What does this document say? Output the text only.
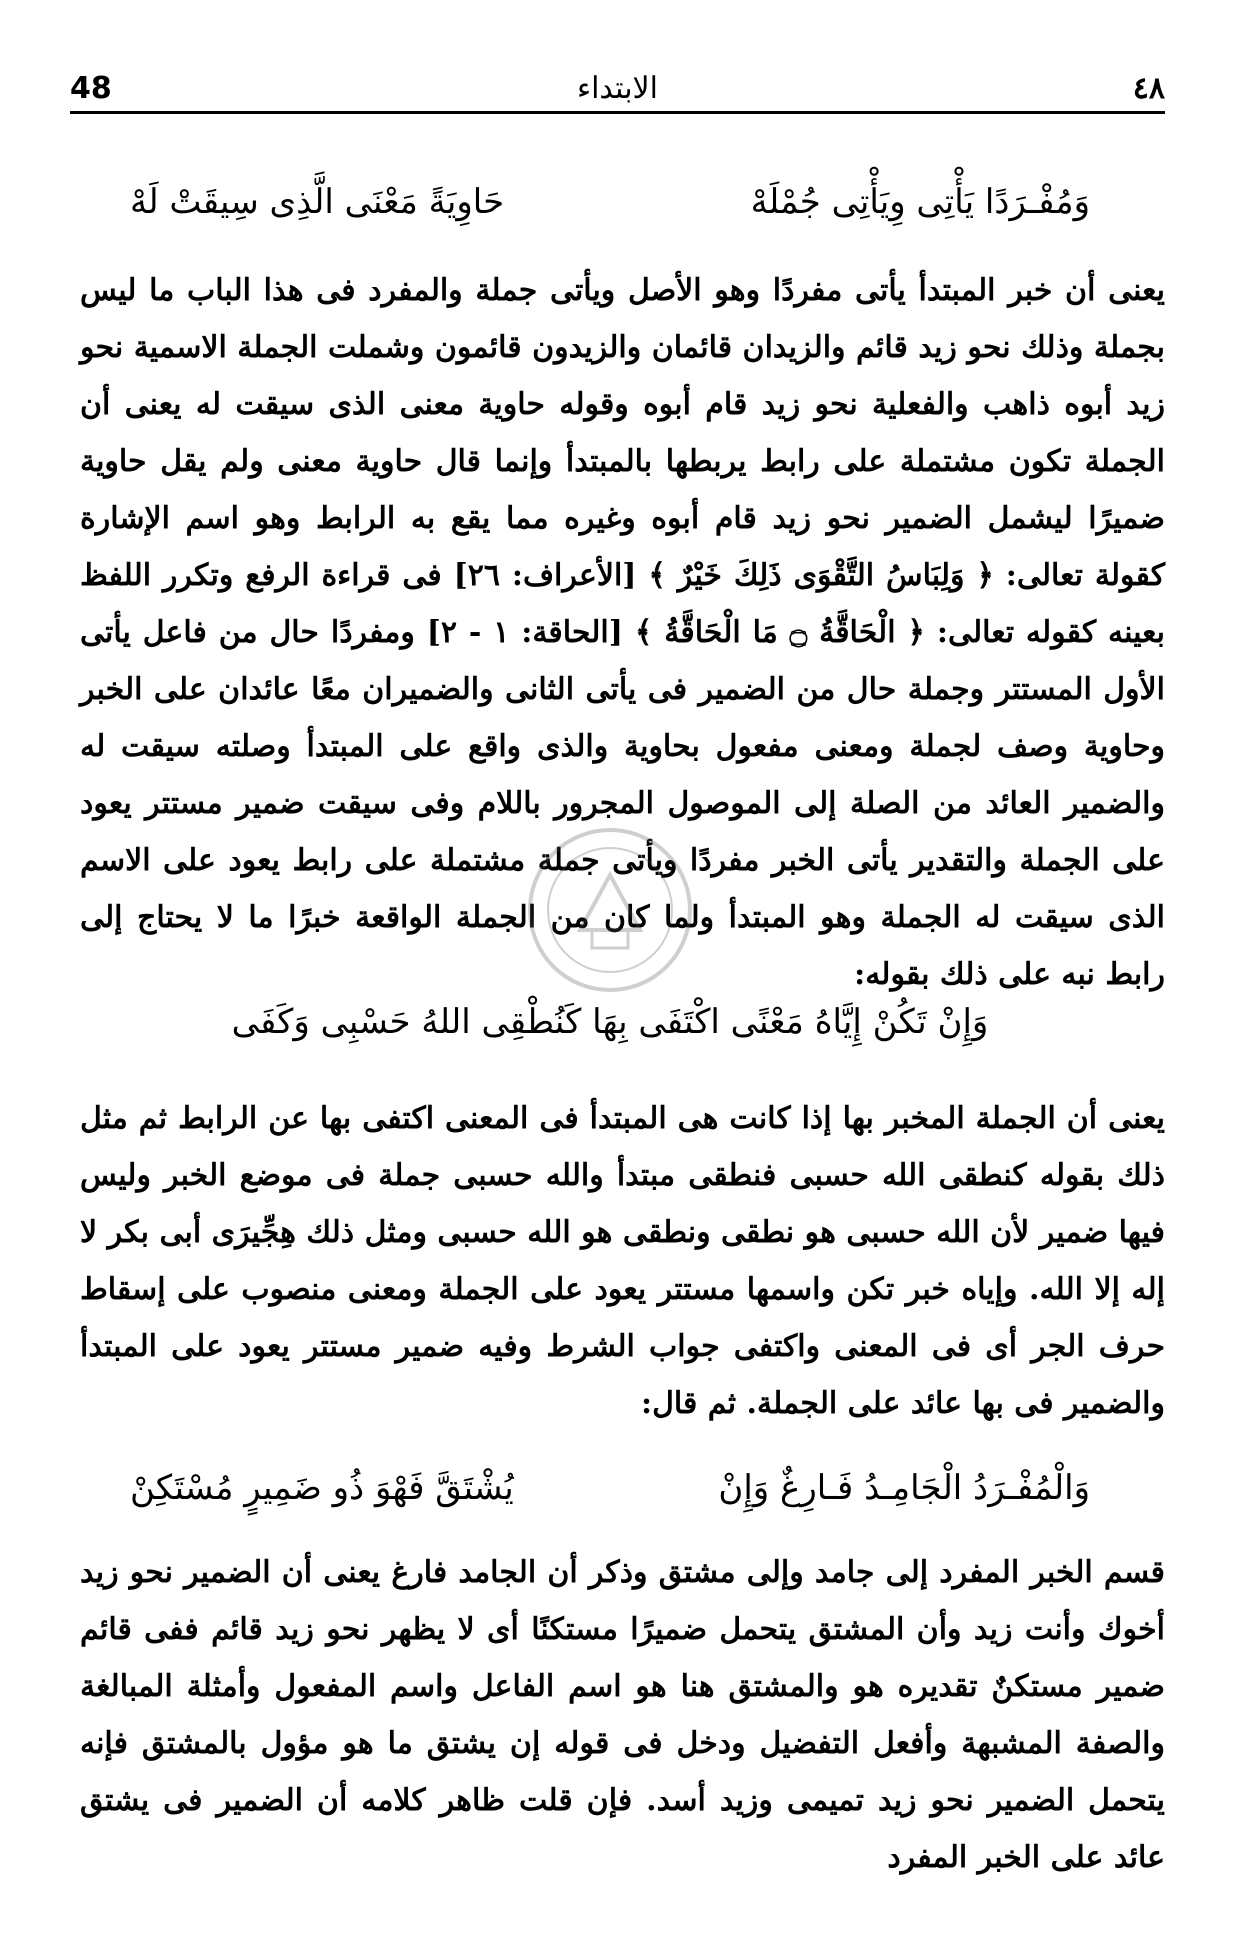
48	الابتداء	٤٨
وَمُفْـرَدًا يَأْتِى وِيَأْتِى جُمْلَهْ
حَاوِيَةً مَعْنَى الَّذِى سِيقَتْ لَهْ
يعنى أن خبر المبتدأ يأتى مفردًا وهو الأصل ويأتى جملة والمفرد فى هذا الباب ما ليس بجملة وذلك نحو زيد قائم والزيدان قائمان والزيدون قائمون وشملت الجملة الاسمية نحو زيد أبوه ذاهب والفعلية نحو زيد قام أبوه وقوله حاوية معنى الذى سيقت له يعنى أن الجملة تكون مشتملة على رابط يربطها بالمبتدأ وإنما قال حاوية معنى ولم يقل حاوية ضميرًا ليشمل الضمير نحو زيد قام أبوه وغيره مما يقع به الرابط وهو اسم الإشارة كقولة تعالى: ﴿ وَلِبَاسُ التَّقْوَى ذَلِكَ خَيْرٌ ﴾ [الأعراف: ٢٦] فى قراءة الرفع وتكرر اللفظ بعينه كقوله تعالى: ﴿ الْحَاقَّةُ ۝ مَا الْحَاقَّةُ ﴾ [الحاقة: ١ - ٢] ومفردًا حال من فاعل يأتى الأول المستتر وجملة حال من الضمير فى يأتى الثانى والضميران معًا عائدان على الخبر وحاوية وصف لجملة ومعنى مفعول بحاوية والذى واقع على المبتدأ وصلته سيقت له والضمير العائد من الصلة إلى الموصول المجرور باللام وفى سيقت ضمير مستتر يعود على الجملة والتقدير يأتى الخبر مفردًا ويأتى جملة مشتملة على رابط يعود على الاسم الذى سيقت له الجملة وهو المبتدأ ولما كان من الجملة الواقعة خبرًا ما لا يحتاج إلى رابط نبه على ذلك بقوله:
وَإِنْ تَكُنْ إِيَّاهُ مَعْنًى اكْتَفَى بِهَا كَنُطْقِى اللهُ حَسْبِى وَكَفَى
يعنى أن الجملة المخبر بها إذا كانت هى المبتدأ فى المعنى اكتفى بها عن الرابط ثم مثل ذلك بقوله كنطقى الله حسبى فنطقى مبتدأ والله حسبى جملة فى موضع الخبر وليس فيها ضمير لأن الله حسبى هو نطقى ونطقى هو الله حسبى ومثل ذلك هِجِّيرَى أبى بكر لا إله إلا الله. وإياه خبر تكن واسمها مستتر يعود على الجملة ومعنى منصوب على إسقاط حرف الجر أى فى المعنى واكتفى جواب الشرط وفيه ضمير مستتر يعود على المبتدأ والضمير فى بها عائد على الجملة. ثم قال:
وَالْمُفْـرَدُ الْجَامِـدُ فَـارِغٌ وَإِنْ
يُشْتَقَّ فَهْوَ ذُو ضَمِيرٍ مُسْتَكِنْ
قسم الخبر المفرد إلى جامد وإلى مشتق وذكر أن الجامد فارغ يعنى أن الضمير نحو زيد أخوك وأنت زيد وأن المشتق يتحمل ضميرًا مستكنًا أى لا يظهر نحو زيد قائم ففى قائم ضمير مستكنٌ تقديره هو والمشتق هنا هو اسم الفاعل واسم المفعول وأمثلة المبالغة والصفة المشبهة وأفعل التفضيل ودخل فى قوله إن يشتق ما هو مؤول بالمشتق فإنه يتحمل الضمير نحو زيد تميمى وزيد أسد. فإن قلت ظاهر كلامه أن الضمير فى يشتق عائد على الخبر المفرد
